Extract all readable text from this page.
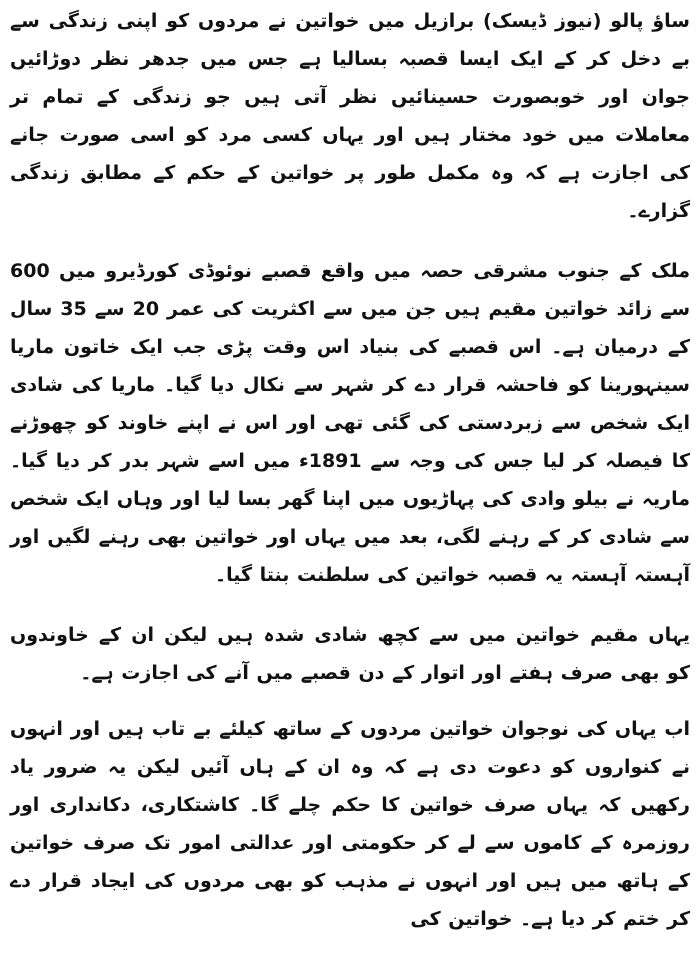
ساؤ پالو (نیوز ڈیسک) برازیل میں خواتین نے مردوں کو اپنی زندگی سے بے دخل کر کے ایک ایسا قصبہ بسالیا ہے جس میں جدھر نظر دوڑائیں جوان اور خوبصورت حسینائیں نظر آتی ہیں جو زندگی کے تمام تر معاملات میں خود مختار ہیں اور یہاں کسی مرد کو اسی صورت جانے کی اجازت ہے کہ وہ مکمل طور پر خواتین کے حکم کے مطابق زندگی گزارے۔

ملک کے جنوب مشرقی حصہ میں واقع قصبے نوئوڈی کورڈیرو میں 600 سے زائد خواتین مقیم ہیں جن میں سے اکثریت کی عمر 20 سے 35 سال کے درمیان ہے۔ اس قصبے کی بنیاد اس وقت پڑی جب ایک خاتون ماریا سینہورینا کو فاحشہ قرار دے کر شہر سے نکال دیا گیا۔ ماریا کی شادی ایک شخص سے زبردستی کی گئی تھی اور اس نے اپنے خاوند کو چھوڑنے کا فیصلہ کر لیا جس کی وجہ سے 1891ء میں اسے شہر بدر کر دیا گیا۔ ماریہ نے بیلو وادی کی پہاڑیوں میں اپنا گھر بسا لیا اور وہاں ایک شخص سے شادی کر کے رہنے لگی، بعد میں یہاں اور خواتین بھی رہنے لگیں اور آہستہ آہستہ یہ قصبہ خواتین کی سلطنت بنتا گیا۔

یہاں مقیم خواتین میں سے کچھ شادی شدہ ہیں لیکن ان کے خاوندوں کو بھی صرف ہفتے اور اتوار کے دن قصبے میں آنے کی اجازت ہے۔

اب یہاں کی نوجوان خواتین مردوں کے ساتھ کیلئے بے تاب ہیں اور انہوں نے کنواروں کو دعوت دی ہے کہ وہ ان کے ہاں آئیں لیکن یہ ضرور یاد رکھیں کہ یہاں صرف خواتین کا حکم چلے گا۔ کاشتکاری، دکانداری اور روزمرہ کے کاموں سے لے کر حکومتی اور عدالتی امور تک صرف خواتین کے ہاتھ میں ہیں اور انہوں نے مذہب کو بھی مردوں کی ایجاد قرار دے کر ختم کر دیا ہے۔ خواتین کی
